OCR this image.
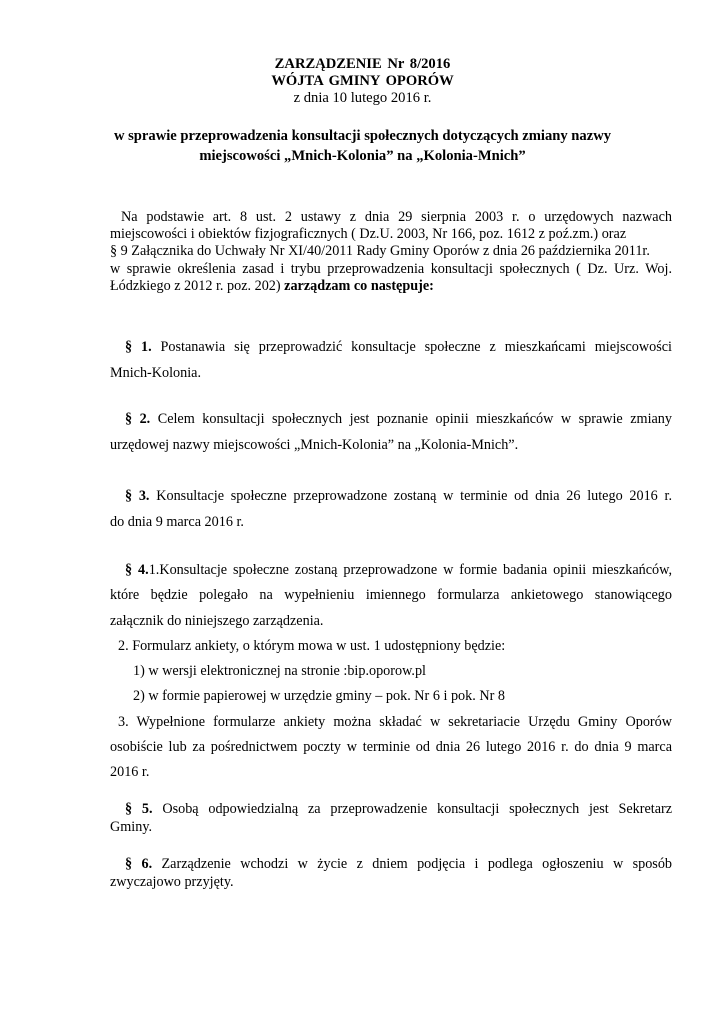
ZARZĄDZENIE Nr 8/2016
WÓJTA GMINY OPORÓW
z dnia 10 lutego 2016 r.
w sprawie przeprowadzenia konsultacji społecznych dotyczących zmiany nazwy
miejscowości „Mnich-Kolonia” na „Kolonia-Mnich”
Na podstawie art. 8 ust. 2 ustawy z dnia 29 sierpnia 2003 r. o urzędowych nazwach
miejscowości i obiektów fizjograficznych ( Dz.U. 2003, Nr 166, poz. 1612 z poź.zm.) oraz
§ 9 Załącznika do Uchwały Nr XI/40/2011 Rady Gminy Oporów z dnia 26 października 2011r.
w sprawie określenia zasad i trybu przeprowadzenia konsultacji społecznych ( Dz. Urz. Woj.
Łódzkiego z 2012 r. poz. 202) zarządzam co następuje:
§ 1. Postanawia się przeprowadzić konsultacje społeczne z mieszkańcami miejscowości
Mnich-Kolonia.
§ 2. Celem konsultacji społecznych jest poznanie opinii mieszkańców w sprawie zmiany
urzędowej nazwy miejscowości „Mnich-Kolonia” na „Kolonia-Mnich”.
§ 3. Konsultacje społeczne przeprowadzone zostaną w terminie od dnia 26 lutego 2016 r.
do dnia 9 marca 2016 r.
§ 4.1.Konsultacje społeczne zostaną przeprowadzone w formie badania opinii mieszkańców,
które będzie polegało na wypełnieniu imiennego formularza ankietowego stanowiącego
załącznik do niniejszego zarządzenia.
2. Formularz ankiety, o którym mowa w ust. 1 udostępniony będzie:
1) w wersji elektronicznej na stronie :bip.oporow.pl
2) w formie papierowej w urzędzie gminy – pok. Nr 6 i pok. Nr 8
3. Wypełnione formularze ankiety można składać w sekretariacie Urzędu Gminy Oporów
osobiście lub za pośrednictwem poczty w terminie od dnia 26 lutego 2016 r. do dnia 9 marca
2016 r.
§ 5. Osobą odpowiedzialną za przeprowadzenie konsultacji społecznych jest Sekretarz
Gminy.
§ 6. Zarządzenie wchodzi w życie z dniem podjęcia i podlega ogłoszeniu w sposób
zwyczajowo przyjęty.
